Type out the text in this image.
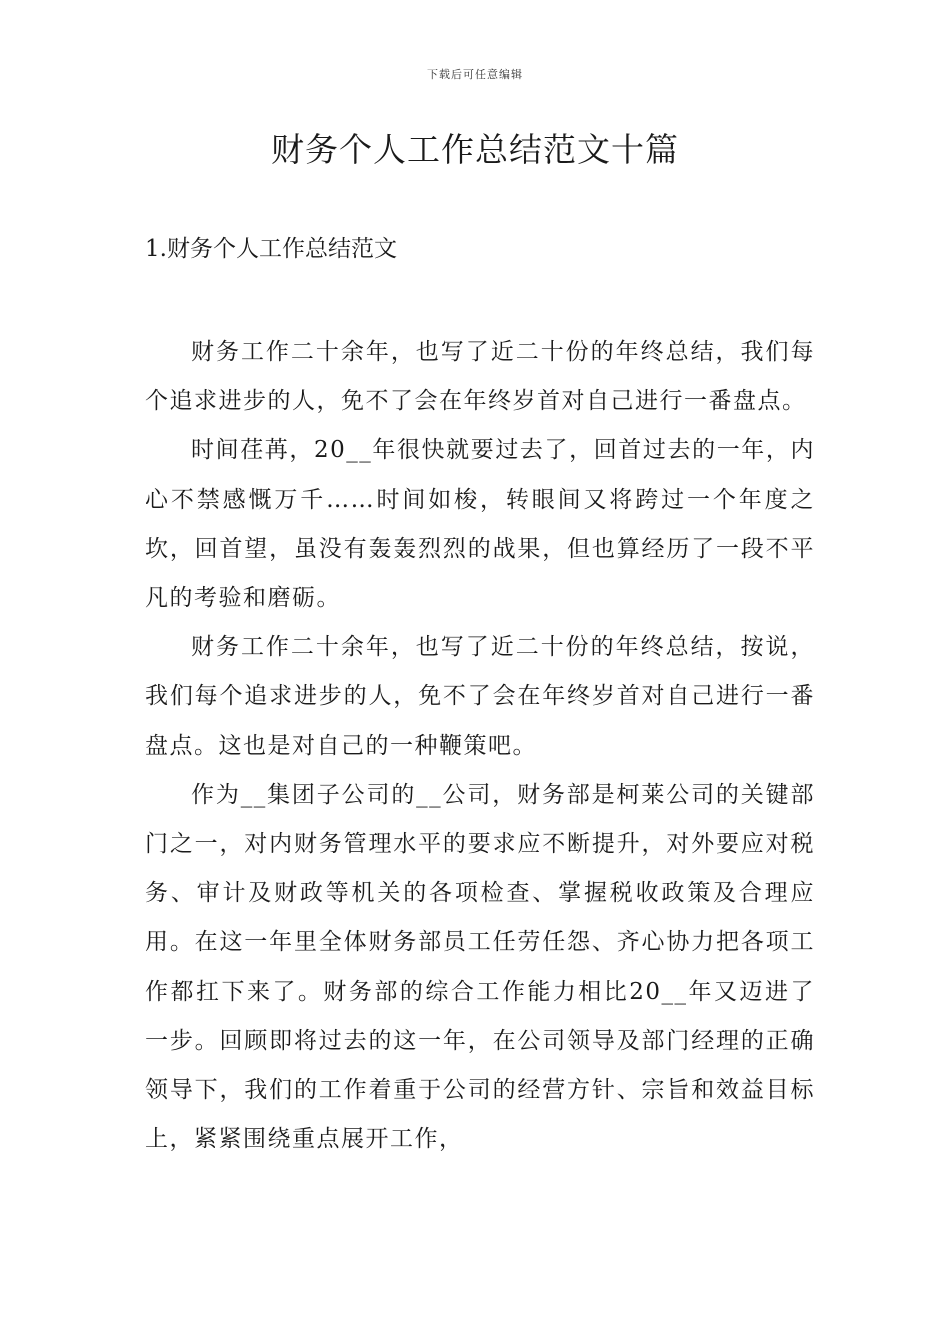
下载后可任意编辑
财务个人工作总结范文十篇
1.财务个人工作总结范文

财务工作二十余年，也写了近二十份的年终总结，我们每个追求进步的人，免不了会在年终岁首对自己进行一番盘点。

时间荏苒，20__年很快就要过去了，回首过去的一年，内心不禁感慨万千……时间如梭，转眼间又将跨过一个年度之坎，回首望，虽没有轰轰烈烈的战果，但也算经历了一段不平凡的考验和磨砺。

财务工作二十余年，也写了近二十份的年终总结，按说，我们每个追求进步的人，免不了会在年终岁首对自己进行一番盘点。这也是对自己的一种鞭策吧。

作为__集团子公司的__公司，财务部是柯莱公司的关键部门之一，对内财务管理水平的要求应不断提升，对外要应对税务、审计及财政等机关的各项检查、掌握税收政策及合理应用。在这一年里全体财务部员工任劳任怨、齐心协力把各项工作都扛下来了。财务部的综合工作能力相比20__年又迈进了一步。回顾即将过去的这一年，在公司领导及部门经理的正确领导下，我们的工作着重于公司的经营方针、宗旨和效益目标上，紧紧围绕重点展开工作，
